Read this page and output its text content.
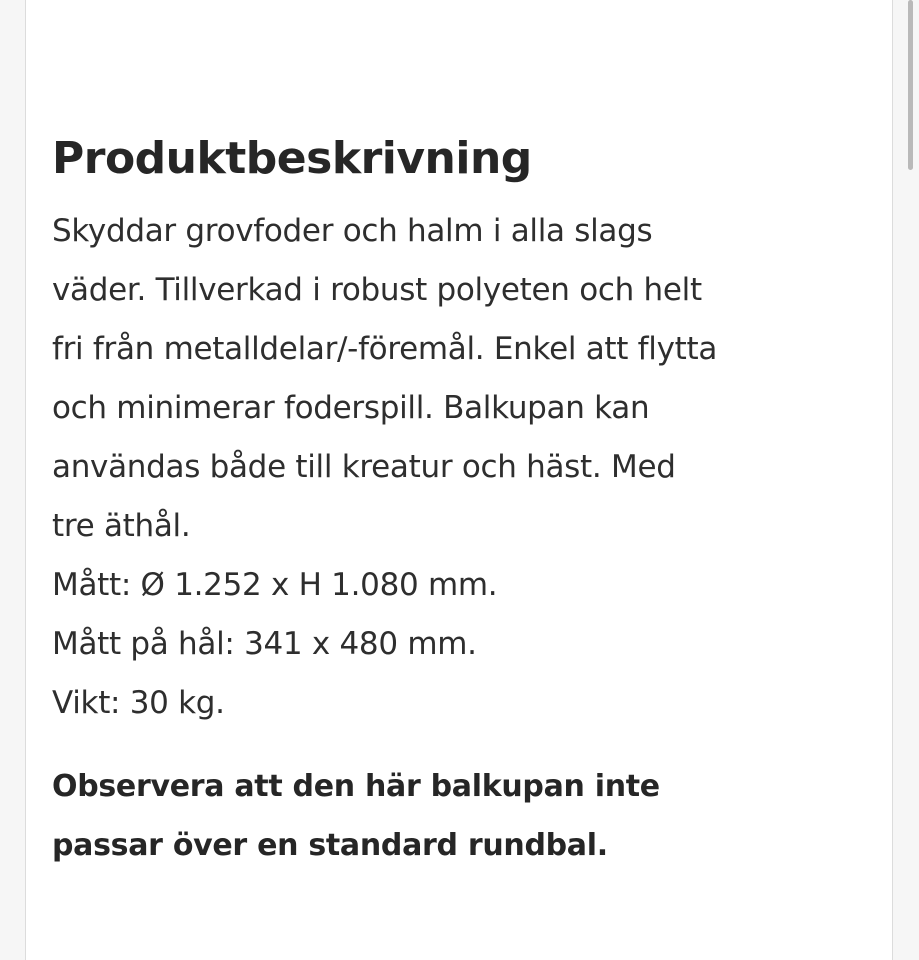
Produktbeskrivning

Skyddar grovfoder och halm i alla slags

väder. Tillverkad i robust polyeten och helt

fri från metalldelar/-föremål. Enkel att flytta

och minimerar foderspill. Balkupan kan

användas både till kreatur och häst. Med

tre äthål.

Mått: Ø 1.252 x H 1.080 mm.

Mått på hål: 341 x 480 mm.

Vikt: 30 kg.

Observera att den här balkupan inte
passar över en standard rundbal.
